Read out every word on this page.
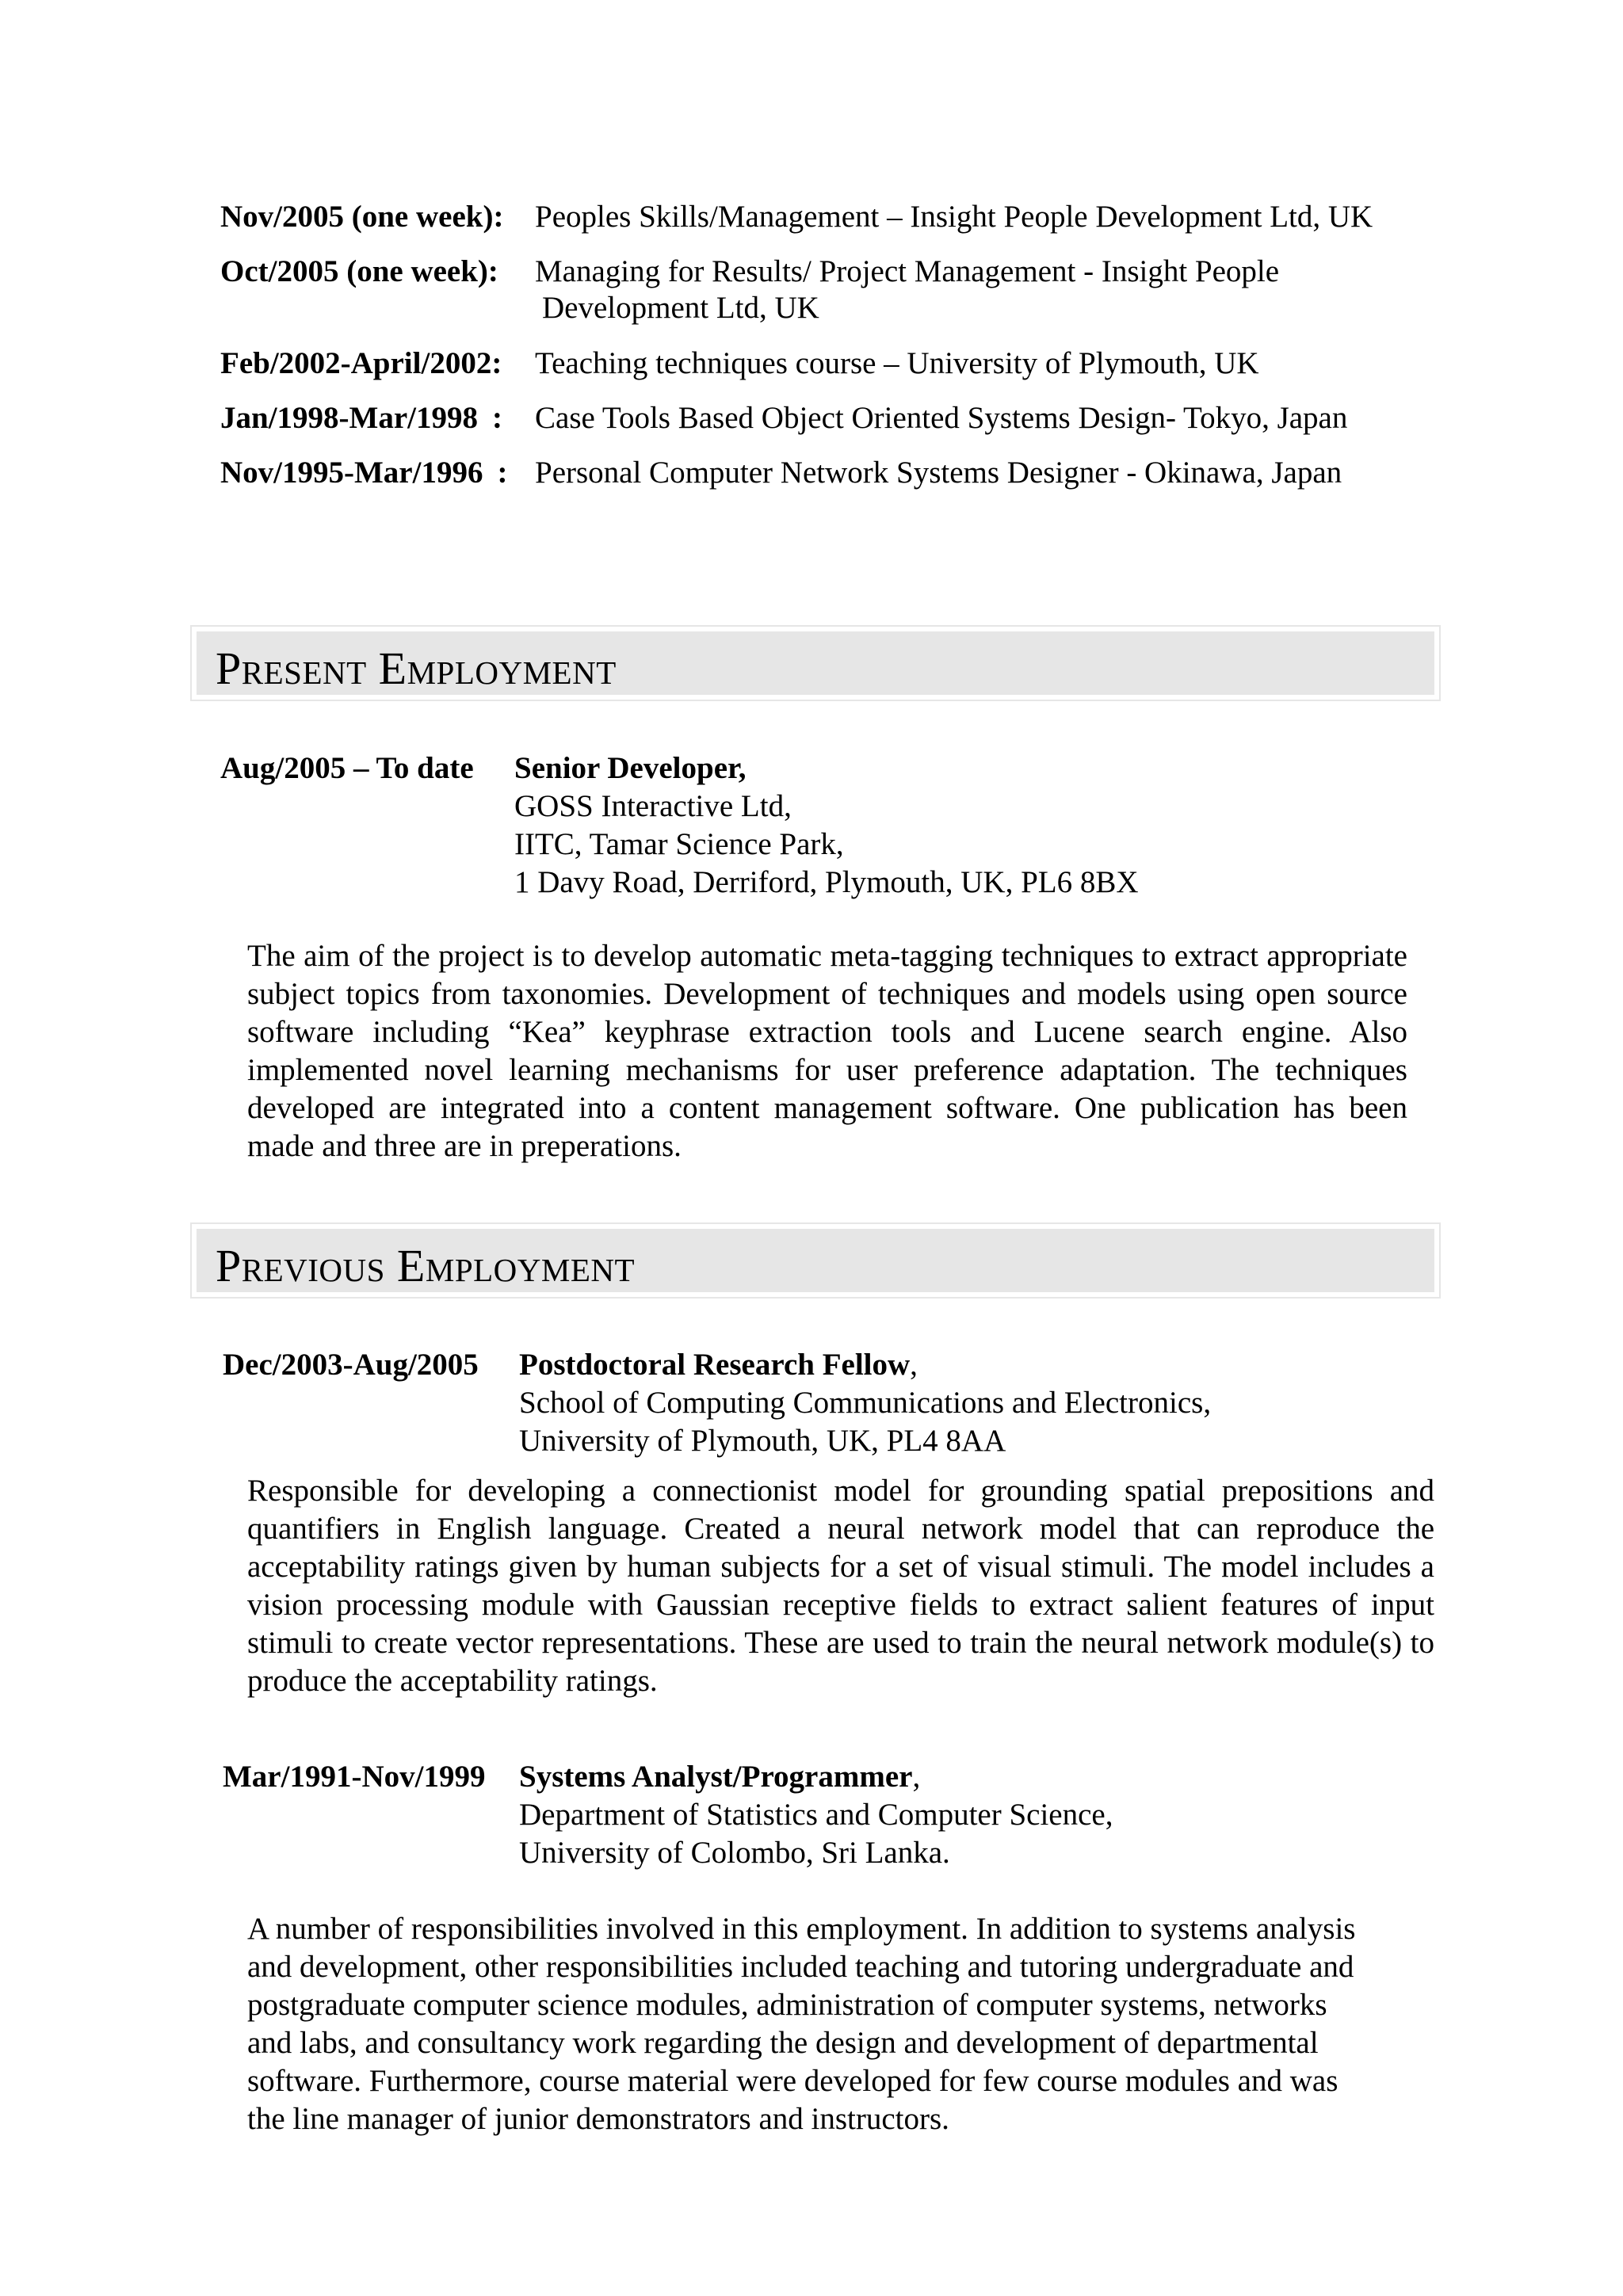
Nov/2005 (one week): Peoples Skills/Management – Insight People Development Ltd, UK
Oct/2005 (one week): Managing for Results/ Project Management - Insight People
Development Ltd, UK
Feb/2002-April/2002: Teaching techniques course – University of Plymouth, UK
Jan/1998-Mar/1998: Case Tools Based Object Oriented Systems Design- Tokyo, Japan
Nov/1995-Mar/1996: Personal Computer Network Systems Designer - Okinawa, Japan
Present Employment
Aug/2005 – To date Senior Developer,
GOSS Interactive Ltd,
IITC, Tamar Science Park,
1 Davy Road, Derriford, Plymouth, UK, PL6 8BX
The aim of the project is to develop automatic meta-tagging techniques to extract appropriate subject topics from taxonomies. Development of techniques and models using open source software including “Kea” keyphrase extraction tools and Lucene search engine. Also implemented novel learning mechanisms for user preference adaptation. The techniques developed are integrated into a content management software. One publication has been made and three are in preperations.
Previous Employment
Dec/2003-Aug/2005 Postdoctoral Research Fellow,
School of Computing Communications and Electronics,
University of Plymouth, UK, PL4 8AA
Responsible for developing a connectionist model for grounding spatial prepositions and quantifiers in English language. Created a neural network model that can reproduce the acceptability ratings given by human subjects for a set of visual stimuli. The model includes a vision processing module with Gaussian receptive fields to extract salient features of input stimuli to create vector representations. These are used to train the neural network module(s) to produce the acceptability ratings.
Mar/1991-Nov/1999 Systems Analyst/Programmer,
Department of Statistics and Computer Science,
University of Colombo, Sri Lanka.
A number of responsibilities involved in this employment. In addition to systems analysis
and development, other responsibilities included teaching and tutoring undergraduate and
postgraduate computer science modules, administration of computer systems, networks
and labs, and consultancy work regarding the design and development of departmental
software. Furthermore, course material were developed for few course modules and was
the line manager of junior demonstrators and instructors.
